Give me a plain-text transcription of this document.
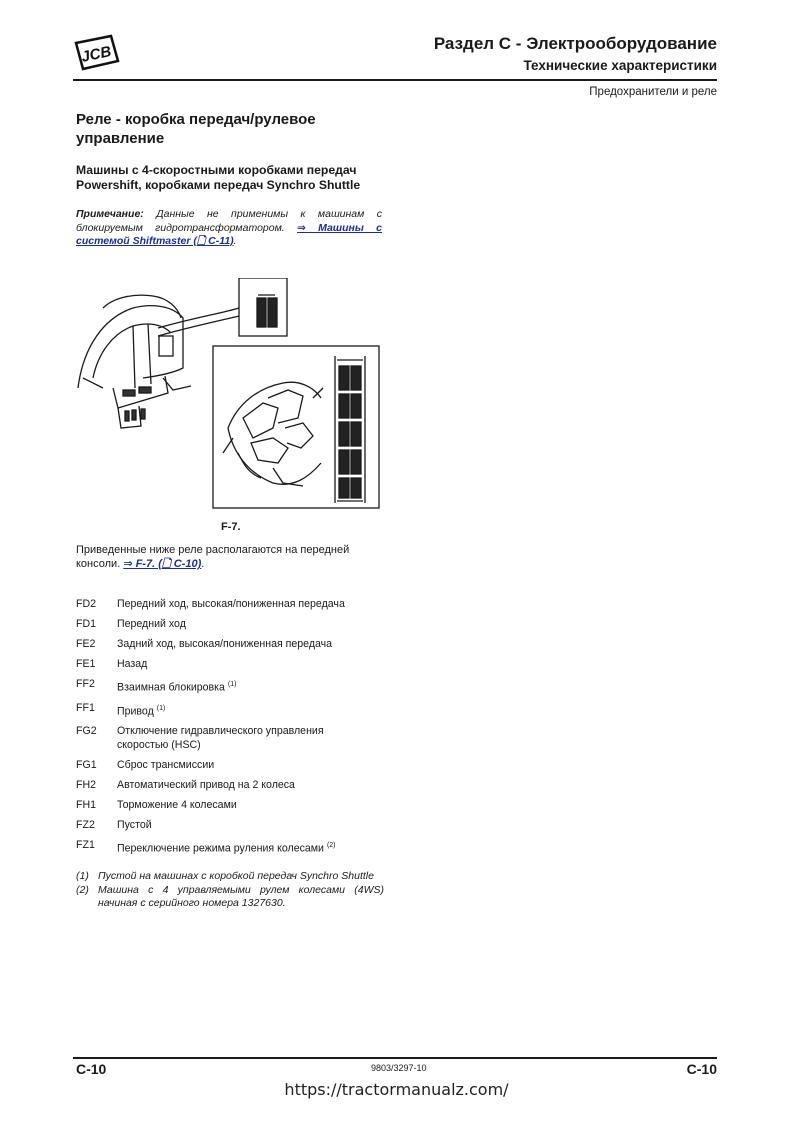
JCB	Раздел C - Электрооборудование
Технические характеристики
Предохранители и реле
Реле - коробка передач/рулевое управление
Машины с 4-скоростными коробками передач Powershift, коробками передач Synchro Shuttle

Примечание: Данные не применимы к машинам с блокируемым гидротрансформатором. ⇒ Машины с системой Shiftmaster (🗋 C-11).

F-7.

Приведенные ниже реле располагаются на передней консоли. ⇒ F-7. (🗋 C-10).

FD2	Передний ход, высокая/пониженная передача
FD1	Передний ход
FE2	Задний ход, высокая/пониженная передача
FE1	Назад
FF2	Взаимная блокировка $^{(1)}$
FF1	Привод $^{(1)}$
FG2	Отключение гидравлического управления скоростью (HSC)
FG1	Сброс трансмиссии
FH2	Автоматический привод на 2 колеса
FH1	Торможение 4 колесами
FZ2	Пустой
FZ1	Переключение режима руления колесами $^{(2)}$
(1) Пустой на машинах с коробкой передач Synchro Shuttle
(2) Машина с 4 управляемыми рулем колесами (4WS) начиная с серийного номера 1327630.
C-10	9803/3297-10	C-10
https://tractormanualz.com/
